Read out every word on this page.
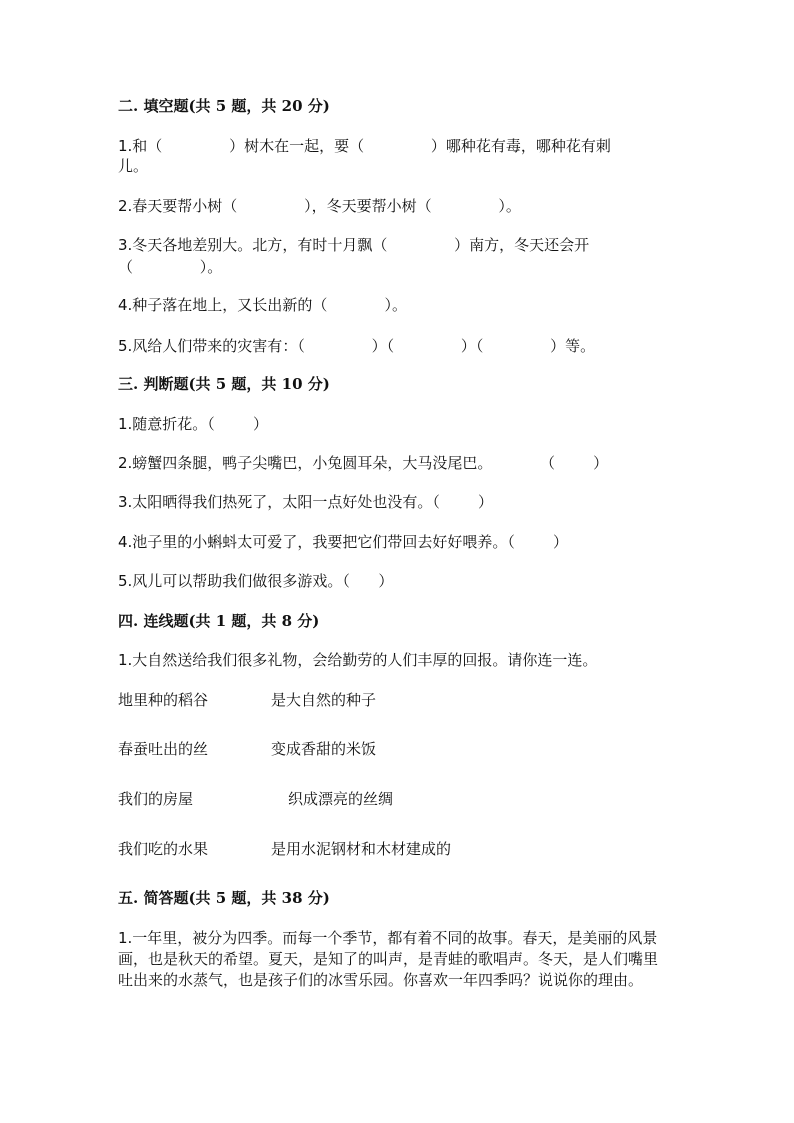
二. 填空题(共 5 题，共 20 分)
1.和（              ）树木在一起，要（              ）哪种花有毒，哪种花有刺
儿。
2.春天要帮小树（              ），冬天要帮小树（              ）。
3.冬天各地差别大。北方，有时十月飘（              ）南方，冬天还会开
（              ）。
4.种子落在地上，又长出新的（            ）。
5.风给人们带来的灾害有：（              ）（              ）（              ）等。
三. 判断题(共 5 题，共 10 分)
1.随意折花。（        ）
2.螃蟹四条腿，鸭子尖嘴巴，小兔圆耳朵，大马没尾巴。          （        ）
3.太阳晒得我们热死了，太阳一点好处也没有。（        ）
4.池子里的小蝌蚪太可爱了，我要把它们带回去好好喂养。（        ）
5.风儿可以帮助我们做很多游戏。（      ）
四. 连线题(共 1 题，共 8 分)
1.大自然送给我们很多礼物，会给勤劳的人们丰厚的回报。请你连一连。
地里种的稻谷	是大自然的种子
春蚕吐出的丝	变成香甜的米饭
我们的房屋	织成漂亮的丝绸
我们吃的水果	是用水泥钢材和木材建成的
五. 简答题(共 5 题，共 38 分)
1.一年里，被分为四季。而每一个季节，都有着不同的故事。春天，是美丽的风景画，也是秋天的希望。夏天，是知了的叫声，是青蛙的歌唱声。冬天，是人们嘴里吐出来的水蒸气，也是孩子们的冰雪乐园。你喜欢一年四季吗？说说你的理由。
